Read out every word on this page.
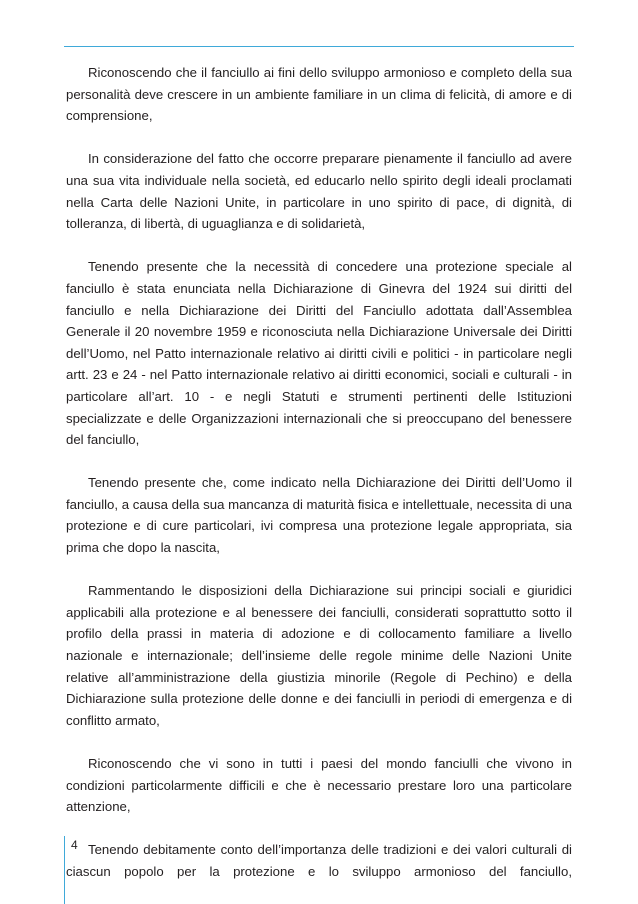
Riconoscendo che il fanciullo ai fini dello sviluppo armonioso e completo della sua personalità deve crescere in un ambiente familiare in un clima di felicità, di amore e di comprensione,

In considerazione del fatto che occorre preparare pienamente il fanciullo ad avere una sua vita individuale nella società, ed educarlo nello spirito degli ideali proclamati nella Carta delle Nazioni Unite, in particolare in uno spirito di pace, di dignità, di tolleranza, di libertà, di uguaglianza e di solidarietà,

Tenendo presente che la necessità di concedere una protezione speciale al fanciullo è stata enunciata nella Dichiarazione di Ginevra del 1924 sui diritti del fanciullo e nella Dichiarazione dei Diritti del Fanciullo adottata dall’Assemblea Generale il 20 novembre 1959 e riconosciuta nella Dichiarazione Universale dei Diritti dell’Uomo, nel Patto internazionale relativo ai diritti civili e politici - in particolare negli artt. 23 e 24 - nel Patto internazionale relativo ai diritti economici, sociali e culturali - in particolare all’art. 10 - e negli Statuti e strumenti pertinenti delle Istituzioni specializzate e delle Organizzazioni internazionali che si preoccupano del benessere del fanciullo,

Tenendo presente che, come indicato nella Dichiarazione dei Diritti dell’Uomo il fanciullo, a causa della sua mancanza di maturità fisica e intellettuale, necessita di una protezione e di cure particolari, ivi compresa una protezione legale appropriata, sia prima che dopo la nascita,

Rammentando le disposizioni della Dichiarazione sui principi sociali e giuridici applicabili alla protezione e al benessere dei fanciulli, considerati soprattutto sotto il profilo della prassi in materia di adozione e di collocamento familiare a livello nazionale e internazionale; dell’insieme delle regole minime delle Nazioni Unite relative all’amministrazione della giustizia minorile (Regole di Pechino) e della Dichiarazione sulla protezione delle donne e dei fanciulli in periodi di emergenza e di conflitto armato,

Riconoscendo che vi sono in tutti i paesi del mondo fanciulli che vivono in condizioni particolarmente difficili e che è necessario prestare loro una particolare attenzione,

Tenendo debitamente conto dell’importanza delle tradizioni e dei valori culturali di ciascun popolo per la protezione e lo sviluppo armonioso del fanciullo,

4
